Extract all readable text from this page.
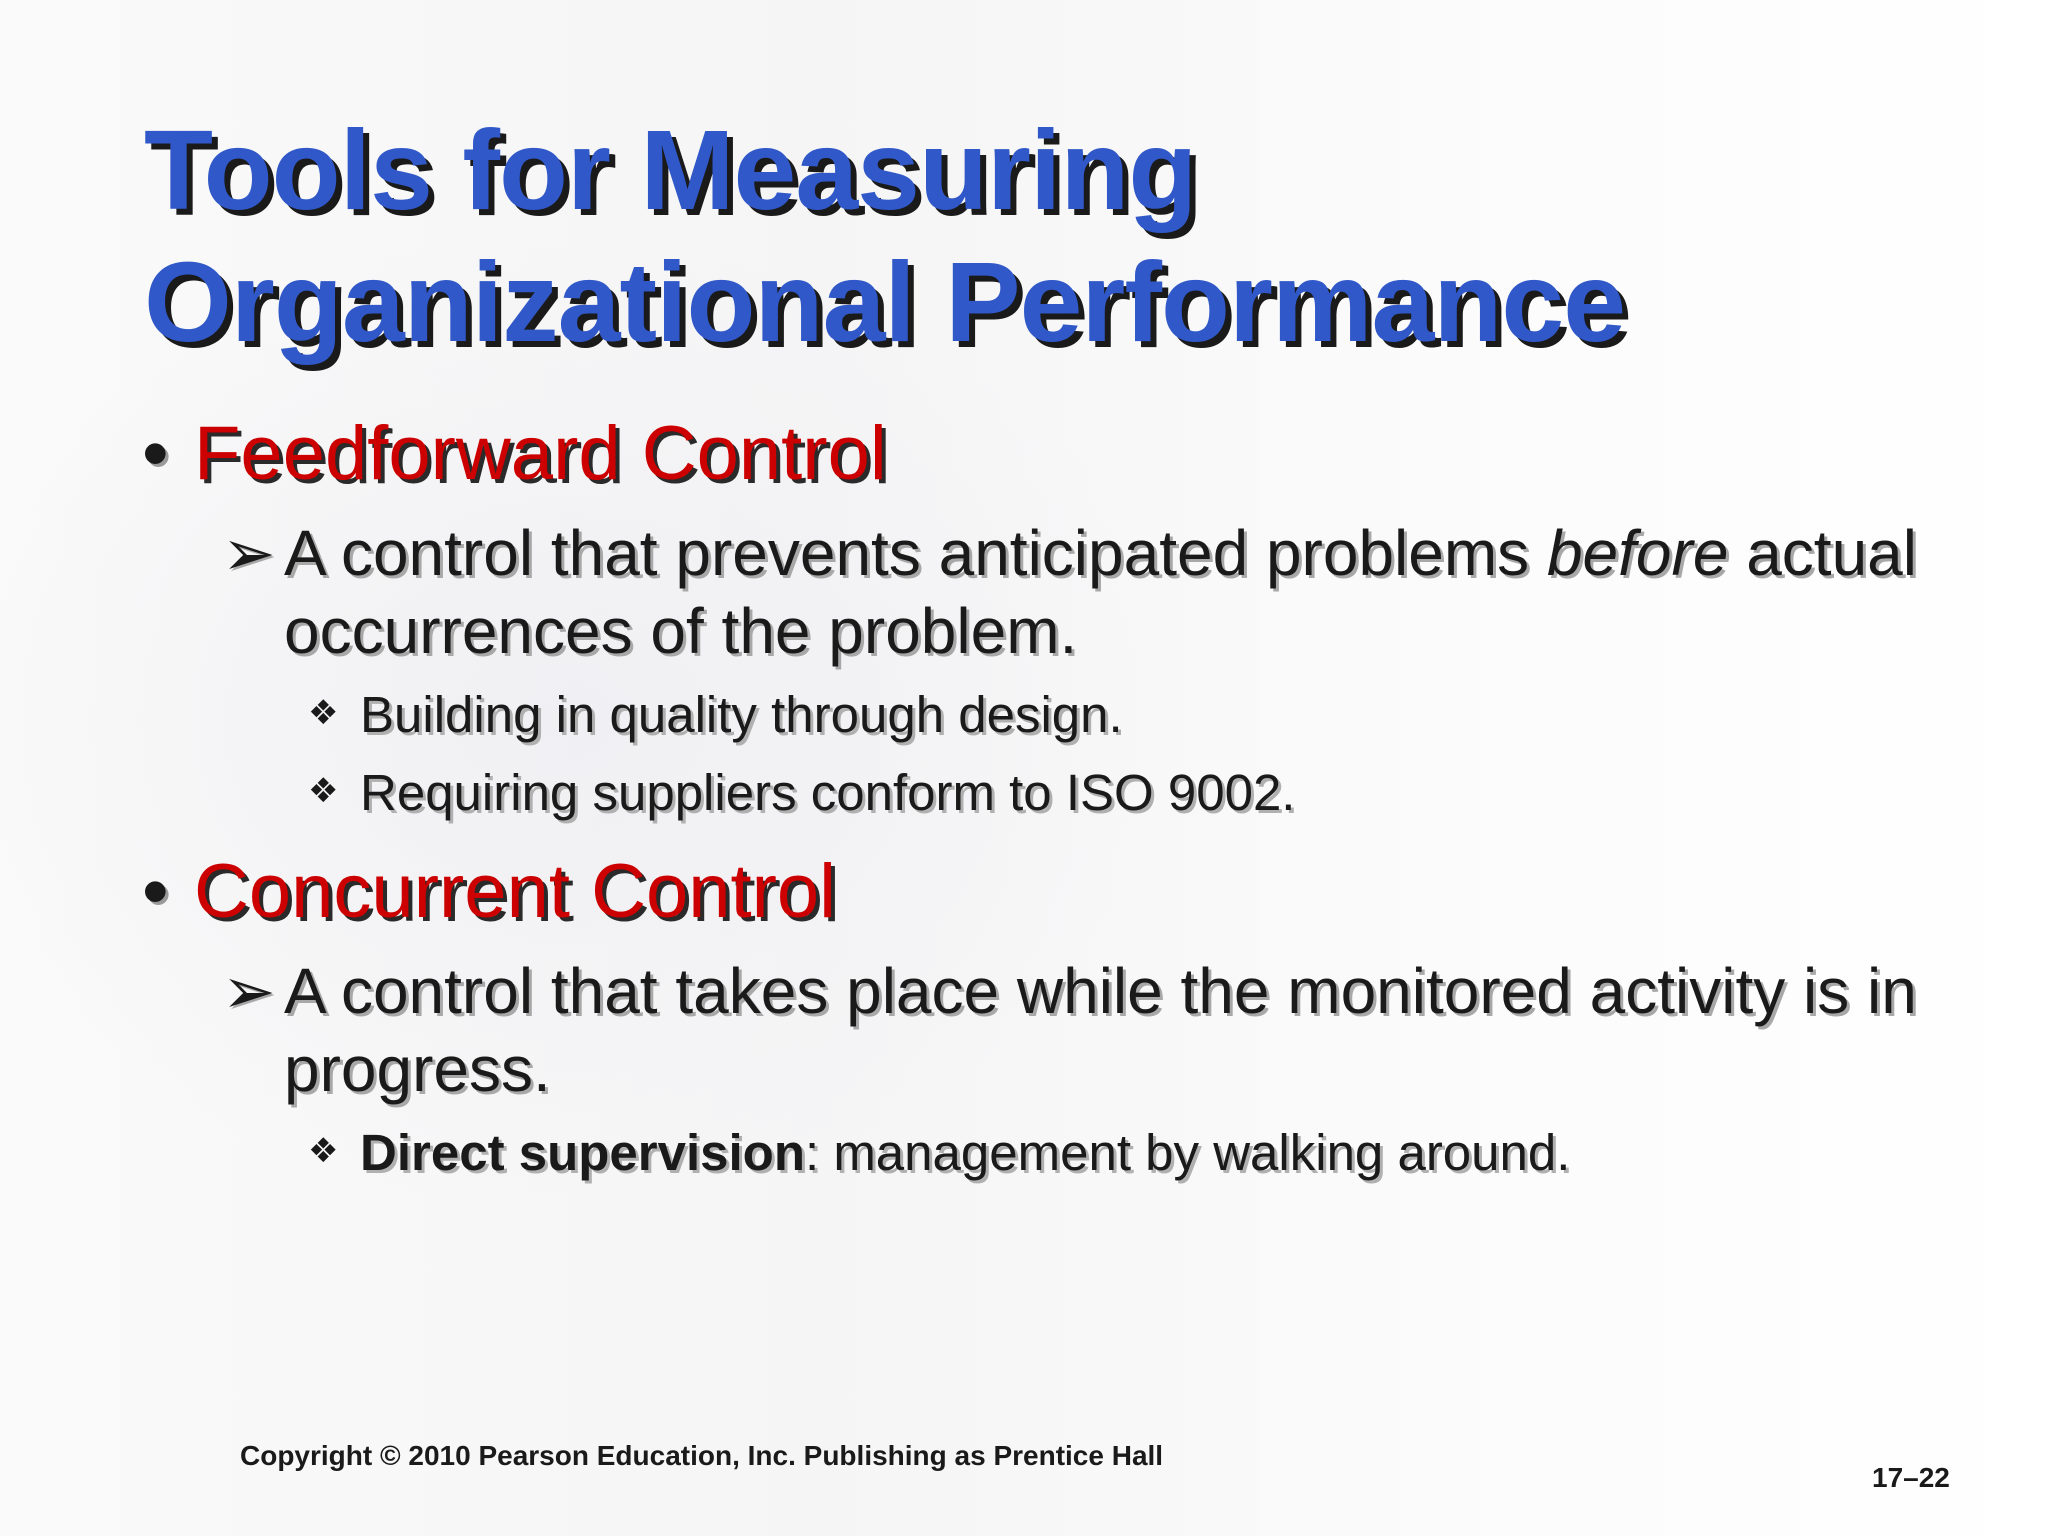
Tools for Measuring
Organizational Performance
• Feedforward Control
➢ A control that prevents anticipated problems before actual occurrences of the problem.
❖ Building in quality through design.
❖ Requiring suppliers conform to ISO 9002.
• Concurrent Control
➢ A control that takes place while the monitored activity is in progress.
❖ Direct supervision: management by walking around.
Copyright © 2010 Pearson Education, Inc. Publishing as Prentice Hall
17–22
